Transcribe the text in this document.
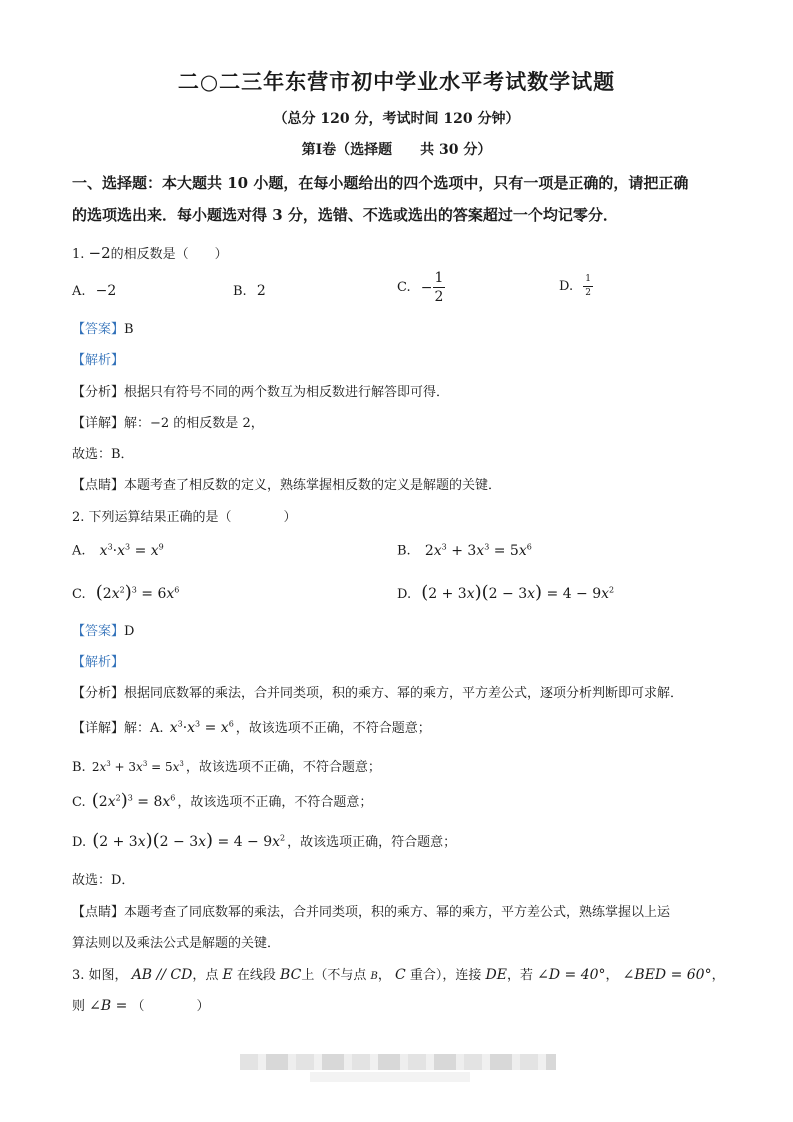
二○二三年东营市初中学业水平考试数学试题
（总分 120 分，考试时间 120 分钟）
第Ⅰ卷（选择题　　共 30 分）
一、选择题：本大题共 10 小题，在每小题给出的四个选项中，只有一项是正确的，请把正确
的选项选出来．每小题选对得 3 分，选错、不选或选出的答案超过一个均记零分．
1. −2的相反数是（　　）
A. −2	B. 2	C. − $\frac{1}{2}$	D. $\frac{1}{2}$
【答案】B
【解析】
【分析】根据只有符号不同的两个数互为相反数进行解答即可得．
【详解】解：−2 的相反数是 2，
故选：B．
【点睛】本题考查了相反数的定义，熟练掌握相反数的定义是解题的关键．
2. 下列运算结果正确的是（　　　　）
A. $x^3\cdot x^3 = x^9$	B. $2x^3 + 3x^3 = 5x^6$
C. $(2x^2)^3 = 6x^6$	D. $(2 + 3x)(2 - 3x) = 4 - 9x^2$
【答案】D
【解析】
【分析】根据同底数幂的乘法，合并同类项，积的乘方、幂的乘方，平方差公式，逐项分析判断即可求解．
【详解】解：A. $x^3\cdot x^3 = x^6$ ，故该选项不正确，不符合题意；
B. $2x^3 + 3x^3 = 5x^3$ ，故该选项不正确，不符合题意；
C. $(2x^2)^3 = 8x^6$ ，故该选项不正确，不符合题意；
D. $(2 + 3x)(2 - 3x) = 4 - 9x^2$ ，故该选项正确，符合题意；
故选：D．
【点睛】本题考查了同底数幂的乘法，合并同类项，积的乘方、幂的乘方，平方差公式，熟练掌握以上运
算法则以及乘法公式是解题的关键．
3. 如图， AB // CD，点 E 在线段 BC上（不与点 B， C 重合），连接 DE，若 ∠D = 40°， ∠BED = 60°，
则 ∠B = （　　　　）
